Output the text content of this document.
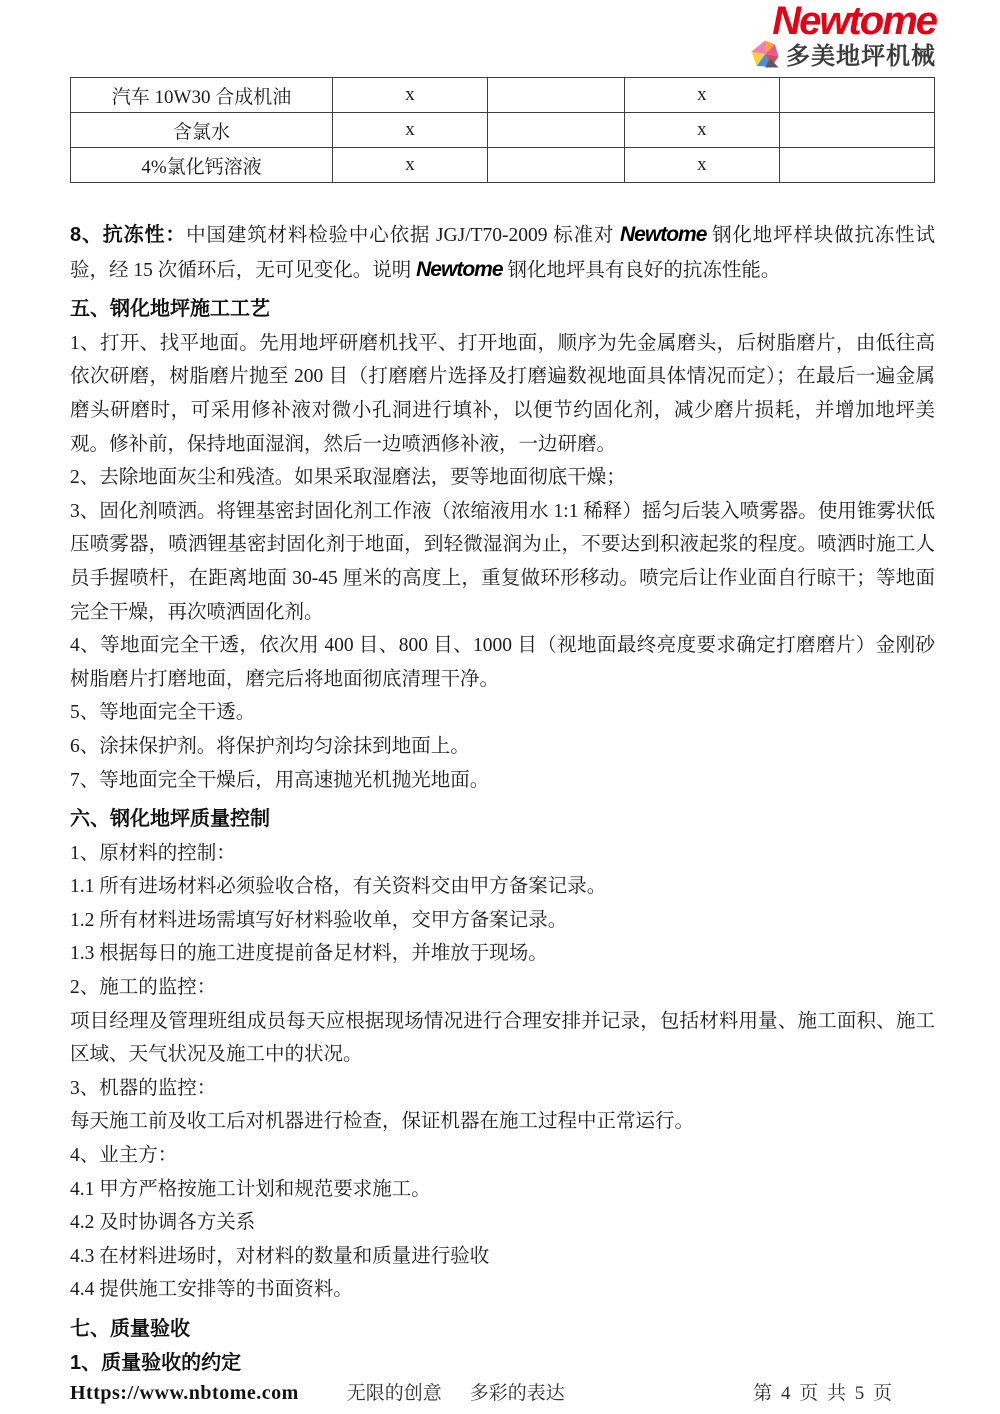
Newtome
多美地坪机械
汽车 10W30 合成机油	x		x	
含氯水	x		x	
4%氯化钙溶液	x		x	

8、抗冻性：中国建筑材料检验中心依据 JGJ/T70-2009 标准对 Newtome 钢化地坪样块做抗冻性试验，经 15 次循环后，无可见变化。说明 Newtome 钢化地坪具有良好的抗冻性能。

五、钢化地坪施工工艺

1、打开、找平地面。先用地坪研磨机找平、打开地面，顺序为先金属磨头，后树脂磨片，由低往高依次研磨，树脂磨片抛至 200 目（打磨磨片选择及打磨遍数视地面具体情况而定）；在最后一遍金属磨头研磨时，可采用修补液对微小孔洞进行填补，以便节约固化剂，减少磨片损耗，并增加地坪美观。修补前，保持地面湿润，然后一边喷洒修补液，一边研磨。

2、去除地面灰尘和残渣。如果采取湿磨法，要等地面彻底干燥；

3、固化剂喷洒。将锂基密封固化剂工作液（浓缩液用水 1:1 稀释）摇匀后装入喷雾器。使用锥雾状低压喷雾器，喷洒锂基密封固化剂于地面，到轻微湿润为止，不要达到积液起浆的程度。喷洒时施工人员手握喷杆，在距离地面 30-45 厘米的高度上，重复做环形移动。喷完后让作业面自行晾干；等地面完全干燥，再次喷洒固化剂。

4、等地面完全干透，依次用 400 目、800 目、1000 目（视地面最终亮度要求确定打磨磨片）金刚砂树脂磨片打磨地面，磨完后将地面彻底清理干净。

5、等地面完全干透。

6、涂抹保护剂。将保护剂均匀涂抹到地面上。

7、等地面完全干燥后，用高速抛光机抛光地面。

六、钢化地坪质量控制

1、原材料的控制：

1.1 所有进场材料必须验收合格，有关资料交由甲方备案记录。

1.2 所有材料进场需填写好材料验收单，交甲方备案记录。

1.3 根据每日的施工进度提前备足材料，并堆放于现场。

2、施工的监控：

项目经理及管理班组成员每天应根据现场情况进行合理安排并记录，包括材料用量、施工面积、施工区域、天气状况及施工中的状况。

3、机器的监控：

每天施工前及收工后对机器进行检查，保证机器在施工过程中正常运行。

4、业主方：

4.1 甲方严格按施工计划和规范要求施工。

4.2 及时协调各方关系

4.3 在材料进场时，对材料的数量和质量进行验收

4.4 提供施工安排等的书面资料。

七、质量验收
1、质量验收的约定
Https://www.nbtome.com	无限的创意 多彩的表达	第 4 页 共 5 页
